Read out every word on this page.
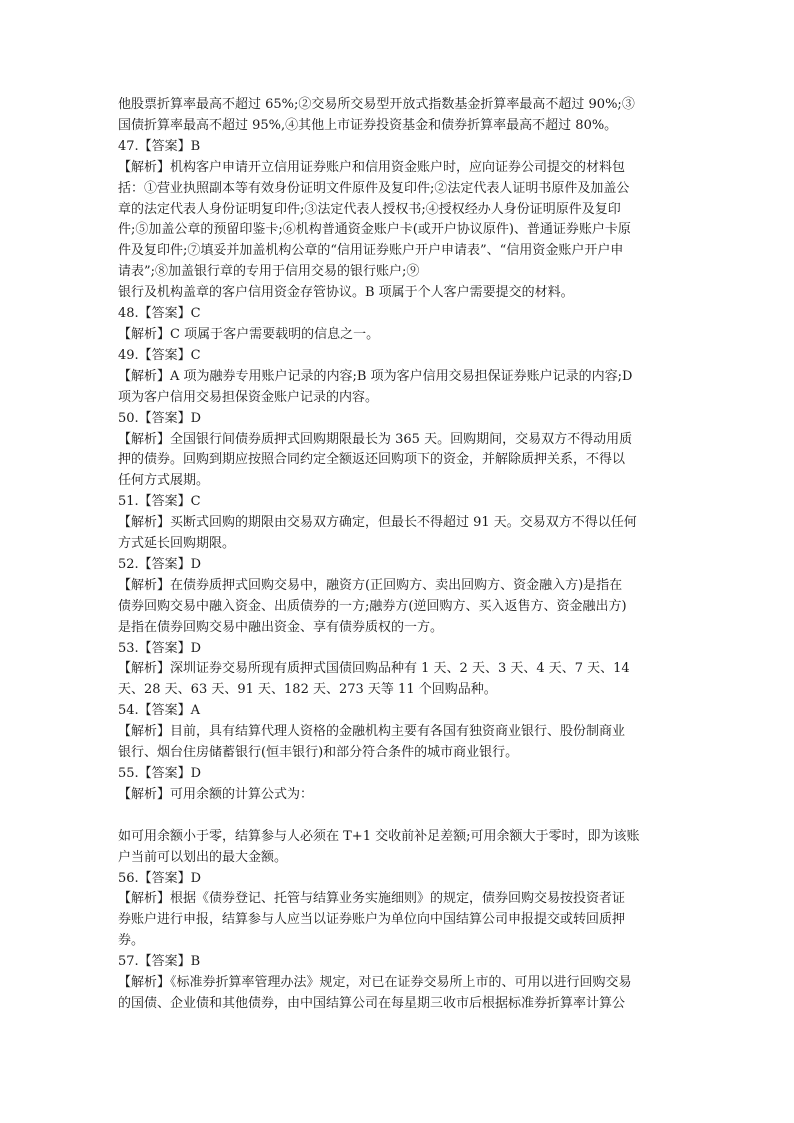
他股票折算率最高不超过 65%;②交易所交易型开放式指数基金折算率最高不超过 90%;③
国债折算率最高不超过 95%,④其他上市证券投资基金和债券折算率最高不超过 80%。
47.【答案】B
【解析】机构客户申请开立信用证券账户和信用资金账户时，应向证券公司提交的材料包
括：①营业执照副本等有效身份证明文件原件及复印件;②法定代表人证明书原件及加盖公
章的法定代表人身份证明复印件;③法定代表人授权书;④授权经办人身份证明原件及复印
件;⑤加盖公章的预留印鉴卡;⑥机构普通资金账户卡(或开户协议原件)、普通证券账户卡原
件及复印件;⑦填妥并加盖机构公章的“信用证券账户开户申请表”、“信用资金账户开户申
请表”;⑧加盖银行章的专用于信用交易的银行账户;⑨
银行及机构盖章的客户信用资金存管协议。B 项属于个人客户需要提交的材料。
48.【答案】C
【解析】C 项属于客户需要载明的信息之一。
49.【答案】C
【解析】A 项为融券专用账户记录的内容;B 项为客户信用交易担保证券账户记录的内容;D
项为客户信用交易担保资金账户记录的内容。
50.【答案】D
【解析】全国银行间债券质押式回购期限最长为 365 天。回购期间，交易双方不得动用质
押的债券。回购到期应按照合同约定全额返还回购项下的资金，并解除质押关系，不得以
任何方式展期。
51.【答案】C
【解析】买断式回购的期限由交易双方确定，但最长不得超过 91 天。交易双方不得以任何
方式延长回购期限。
52.【答案】D
【解析】在债券质押式回购交易中，融资方(正回购方、卖出回购方、资金融入方)是指在
债券回购交易中融入资金、出质债券的一方;融券方(逆回购方、买入返售方、资金融出方)
是指在债券回购交易中融出资金、享有债券质权的一方。
53.【答案】D
【解析】深圳证券交易所现有质押式国债回购品种有 1 天、2 天、3 天、4 天、7 天、14
天、28 天、63 天、91 天、182 天、273 天等 11 个回购品种。
54.【答案】A
【解析】目前，具有结算代理人资格的金融机构主要有各国有独资商业银行、股份制商业
银行、烟台住房储蓄银行(恒丰银行)和部分符合条件的城市商业银行。
55.【答案】D
【解析】可用余额的计算公式为：
如可用余额小于零，结算参与人必须在 T+1 交收前补足差额;可用余额大于零时，即为该账
户当前可以划出的最大金额。
56.【答案】D
【解析】根据《债券登记、托管与结算业务实施细则》的规定，债券回购交易按投资者证
券账户进行申报，结算参与人应当以证券账户为单位向中国结算公司申报提交或转回质押
券。
57.【答案】B
【解析】《标准券折算率管理办法》规定，对已在证券交易所上市的、可用以进行回购交易
的国债、企业债和其他债券，由中国结算公司在每星期三收市后根据标准券折算率计算公
